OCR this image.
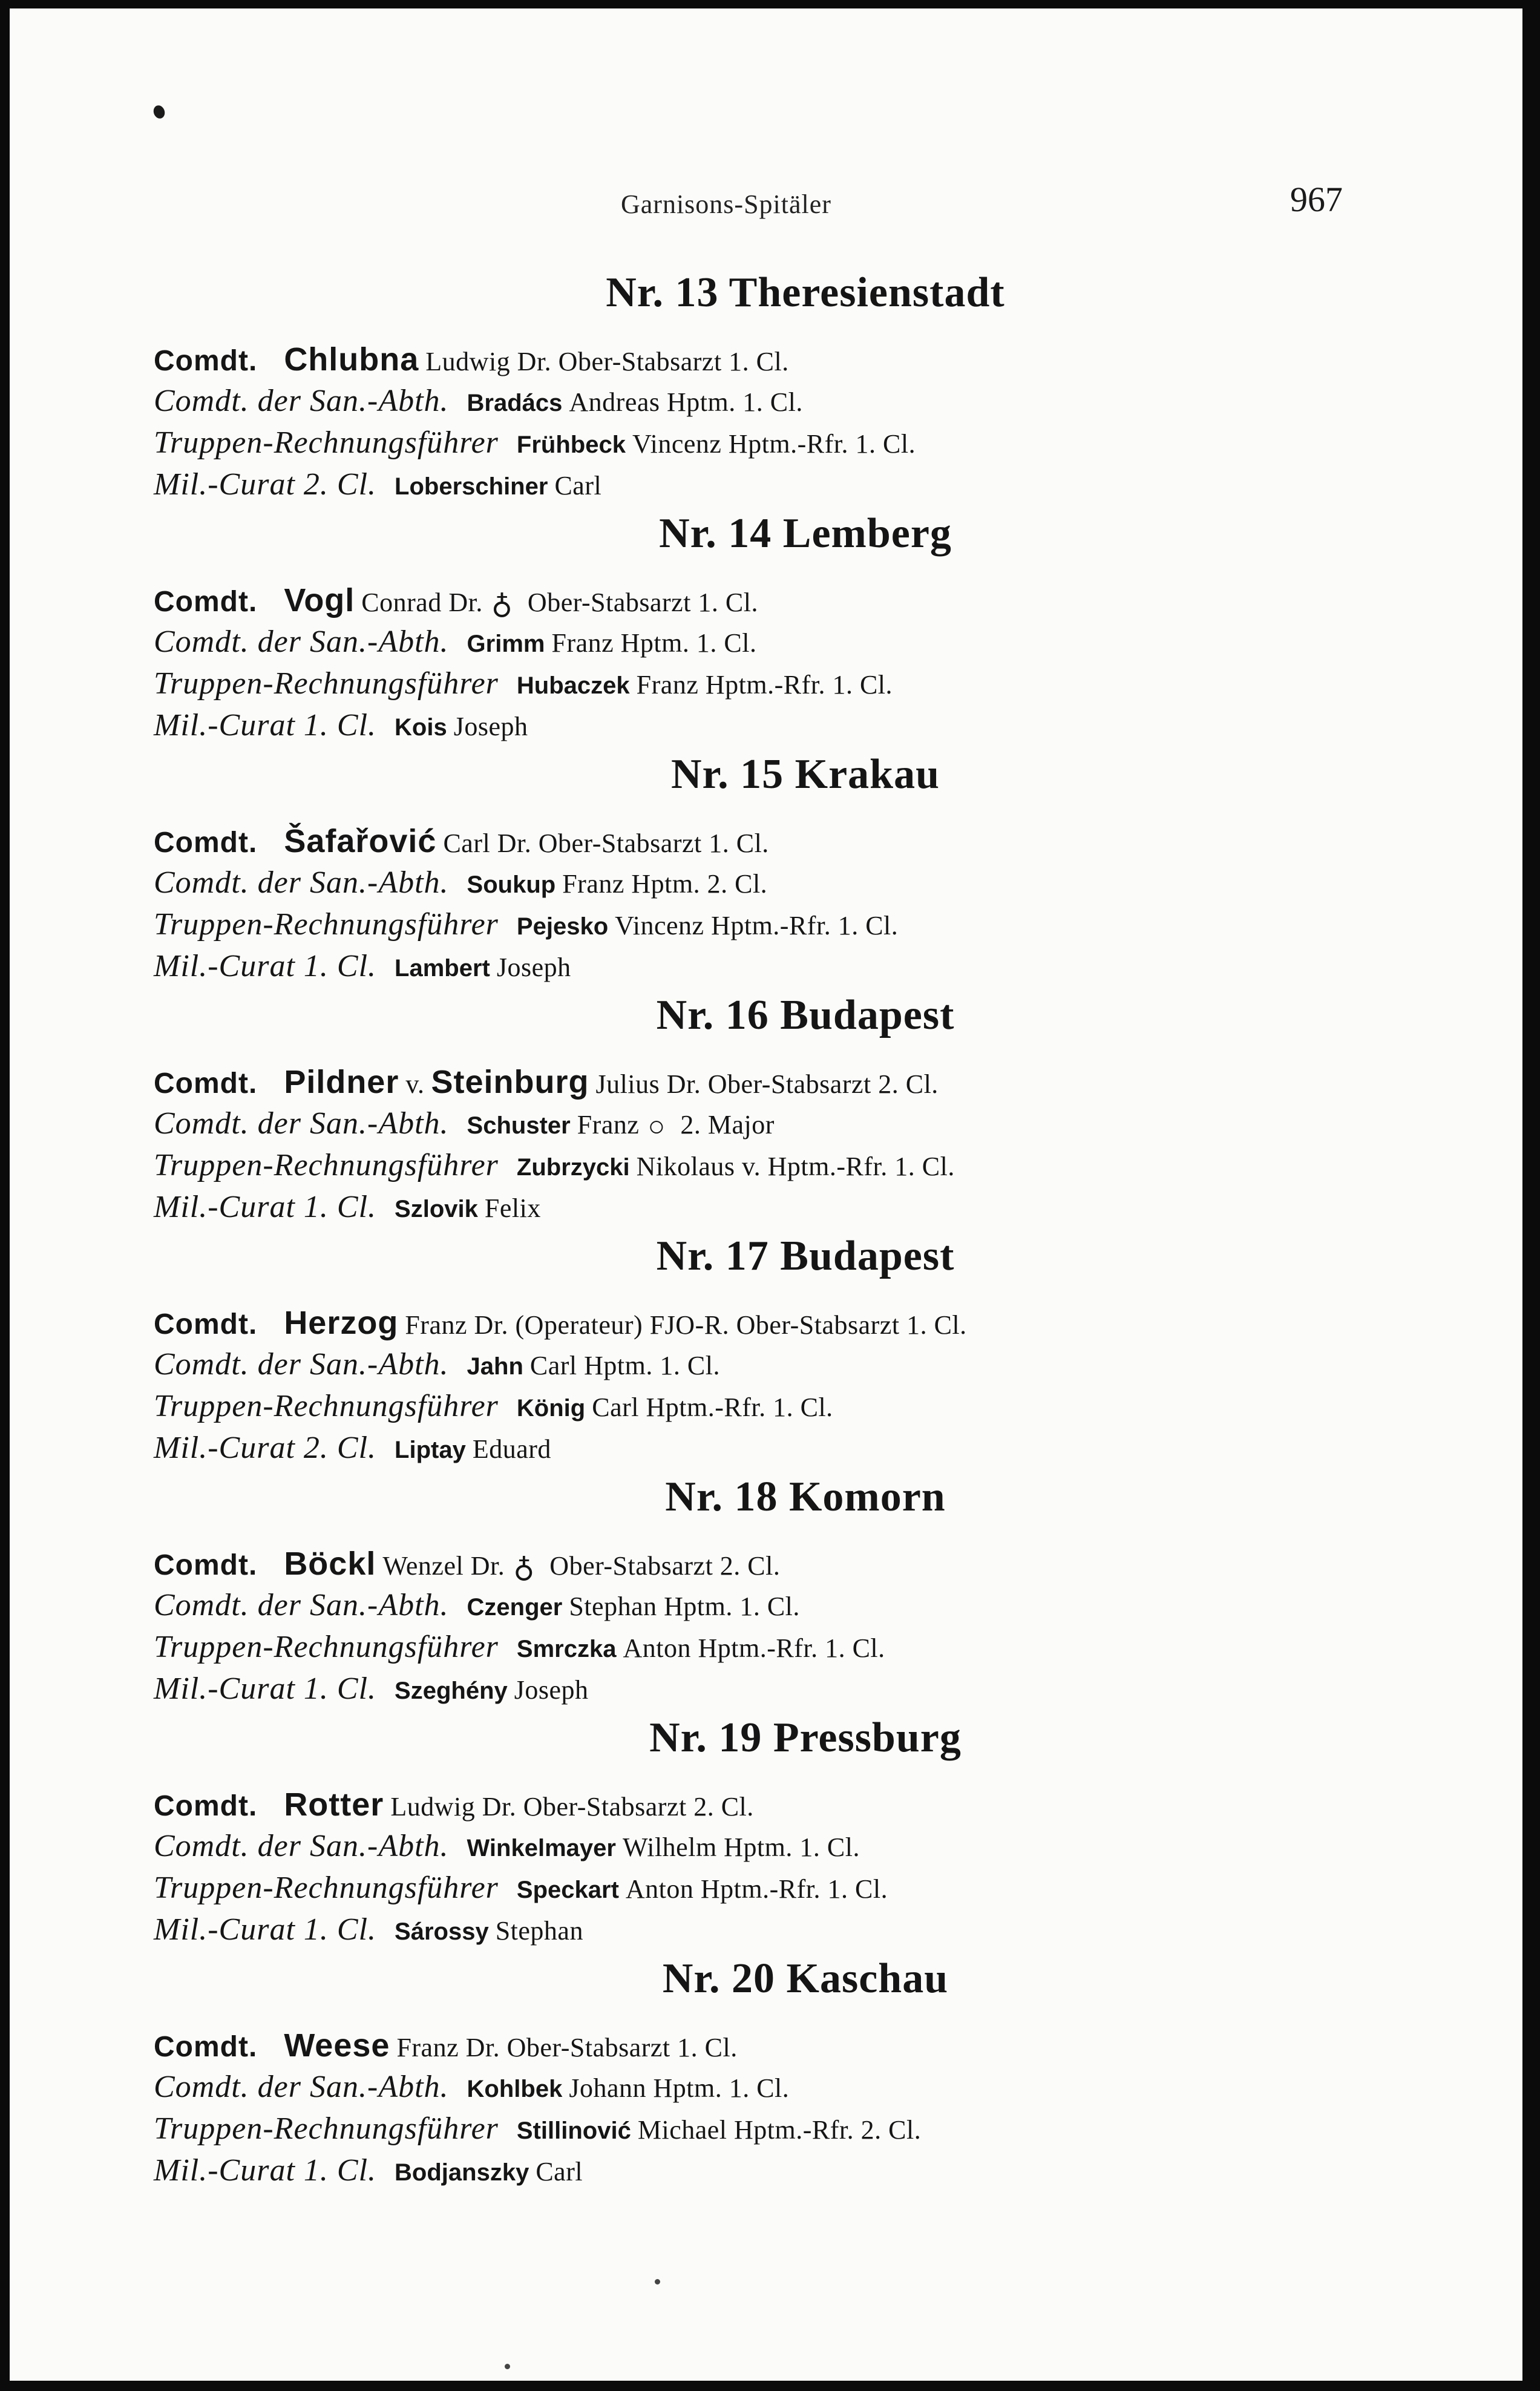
Garnisons-Spitäler	967
Nr. 13 Theresienstadt
Comdt. Chlubna Ludwig Dr. Ober-Stabsarzt 1. Cl.
Comdt. der San.-Abth. Bradács Andreas Hptm. 1. Cl.
Truppen-Rechnungsführer Frühbeck Vincenz Hptm.-Rfr. 1. Cl.
Mil.-Curat 2. Cl. Loberschiner Carl
Nr. 14 Lemberg
Comdt. Vogl Conrad Dr. ♁ Ober-Stabsarzt 1. Cl.
Comdt. der San.-Abth. Grimm Franz Hptm. 1. Cl.
Truppen-Rechnungsführer Hubaczek Franz Hptm.-Rfr. 1. Cl.
Mil.-Curat 1. Cl. Kois Joseph
Nr. 15 Krakau
Comdt. Šafařović Carl Dr. Ober-Stabsarzt 1. Cl.
Comdt. der San.-Abth. Soukup Franz Hptm. 2. Cl.
Truppen-Rechnungsführer Pejesko Vincenz Hptm.-Rfr. 1. Cl.
Mil.-Curat 1. Cl. Lambert Joseph
Nr. 16 Budapest
Comdt. Pildner v. Steinburg Julius Dr. Ober-Stabsarzt 2. Cl.
Comdt. der San.-Abth. Schuster Franz ○ 2. Major
Truppen-Rechnungsführer Zubrzycki Nikolaus v. Hptm.-Rfr. 1. Cl.
Mil.-Curat 1. Cl. Szlovik Felix
Nr. 17 Budapest
Comdt. Herzog Franz Dr. (Operateur) FJO-R. Ober-Stabsarzt 1. Cl.
Comdt. der San.-Abth. Jahn Carl Hptm. 1. Cl.
Truppen-Rechnungsführer König Carl Hptm.-Rfr. 1. Cl.
Mil.-Curat 2. Cl. Liptay Eduard
Nr. 18 Komorn
Comdt. Böckl Wenzel Dr. ♁ Ober-Stabsarzt 2. Cl.
Comdt. der San.-Abth. Czenger Stephan Hptm. 1. Cl.
Truppen-Rechnungsführer Smrczka Anton Hptm.-Rfr. 1. Cl.
Mil.-Curat 1. Cl. Szeghény Joseph
Nr. 19 Pressburg
Comdt. Rotter Ludwig Dr. Ober-Stabsarzt 2. Cl.
Comdt. der San.-Abth. Winkelmayer Wilhelm Hptm. 1. Cl.
Truppen-Rechnungsführer Speckart Anton Hptm.-Rfr. 1. Cl.
Mil.-Curat 1. Cl. Sárossy Stephan
Nr. 20 Kaschau
Comdt. Weese Franz Dr. Ober-Stabsarzt 1. Cl.
Comdt. der San.-Abth. Kohlbek Johann Hptm. 1. Cl.
Truppen-Rechnungsführer Stillinović Michael Hptm.-Rfr. 2. Cl.
Mil.-Curat 1. Cl. Bodjanszky Carl
